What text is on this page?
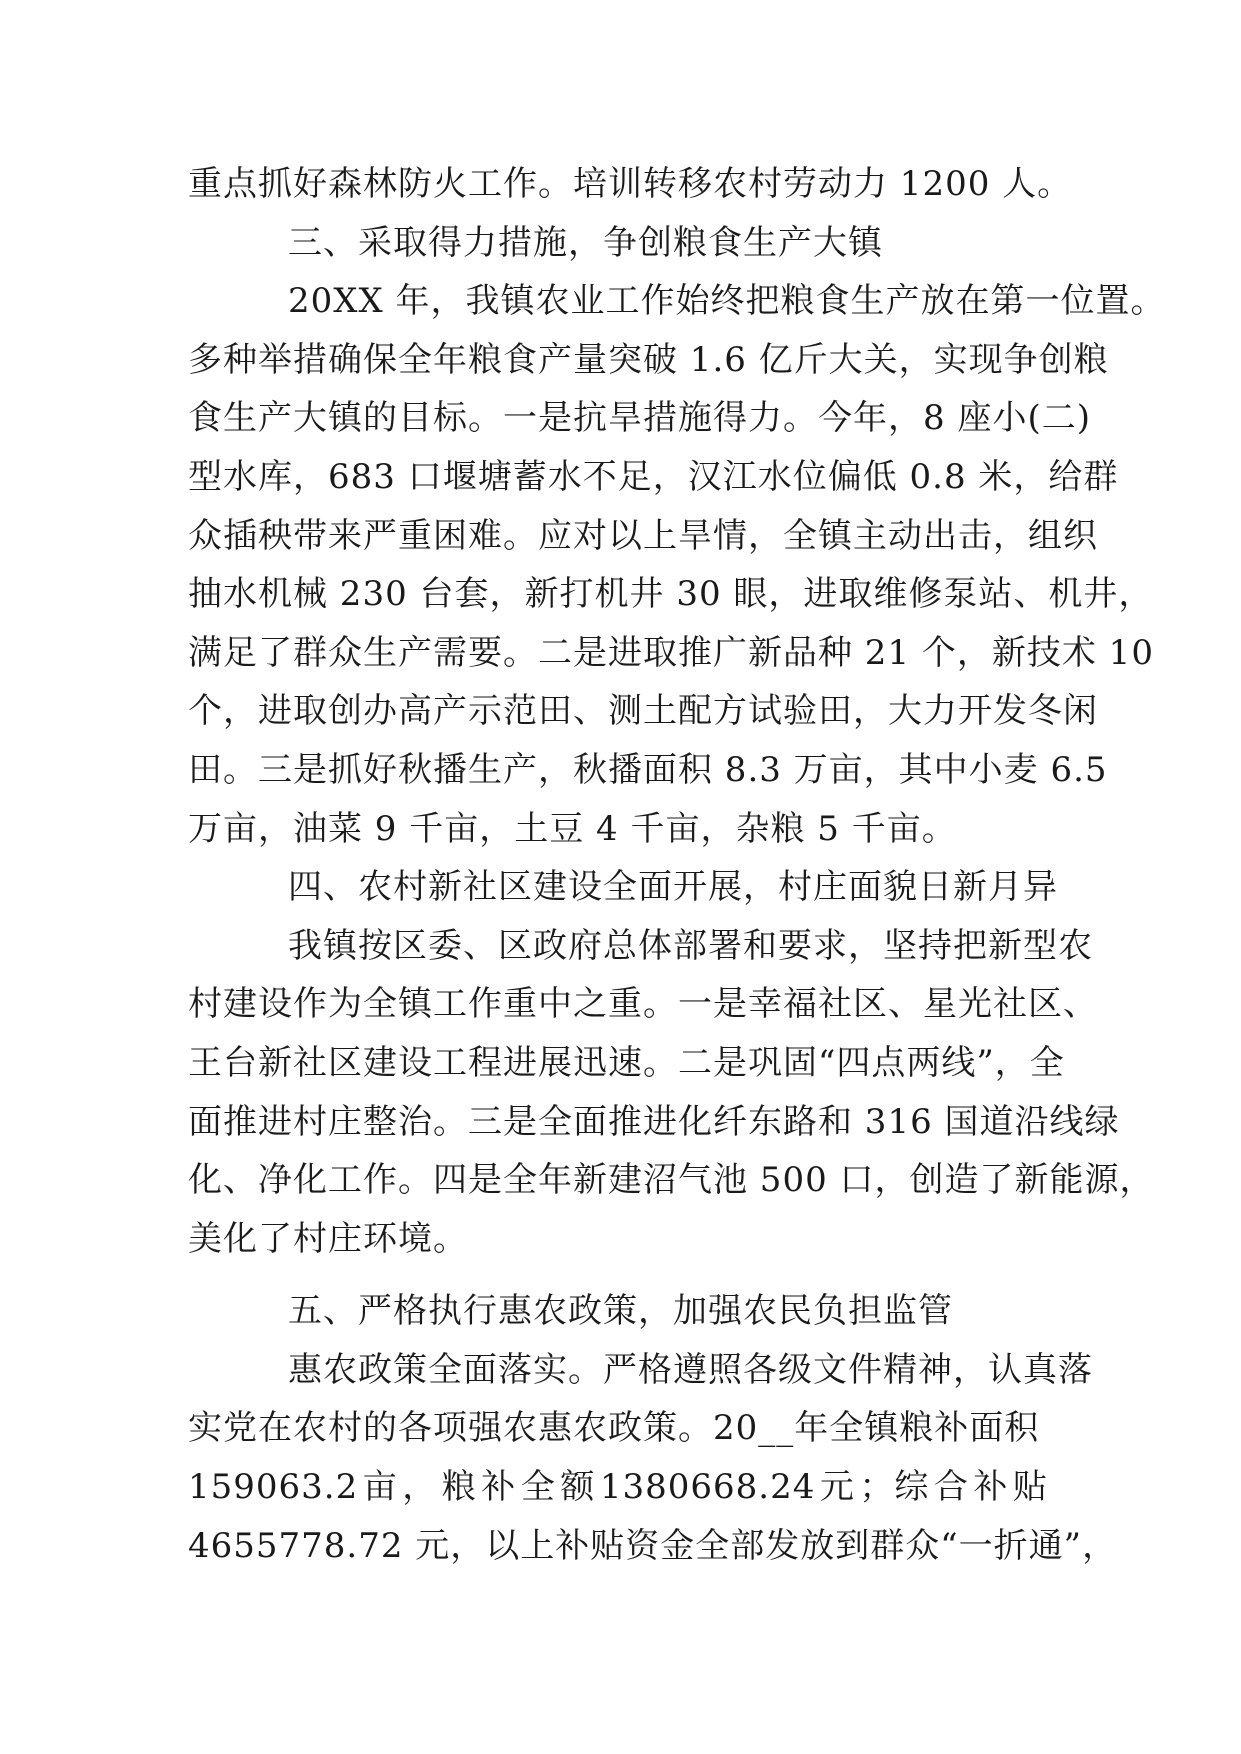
重点抓好森林防火工作。培训转移农村劳动力 1200 人。
三、采取得力措施，争创粮食生产大镇
20XX 年，我镇农业工作始终把粮食生产放在第一位置。
多种举措确保全年粮食产量突破 1.6 亿斤大关，实现争创粮
食生产大镇的目标。一是抗旱措施得力。今年，8 座小(二)
型水库，683 口堰塘蓄水不足，汉江水位偏低 0.8 米，给群
众插秧带来严重困难。应对以上旱情，全镇主动出击，组织
抽水机械 230 台套，新打机井 30 眼，进取维修泵站、机井，
满足了群众生产需要。二是进取推广新品种 21 个，新技术 10
个，进取创办高产示范田、测土配方试验田，大力开发冬闲
田。三是抓好秋播生产，秋播面积 8.3 万亩，其中小麦 6.5
万亩，油菜 9 千亩，土豆 4 千亩，杂粮 5 千亩。
四、农村新社区建设全面开展，村庄面貌日新月异
我镇按区委、区政府总体部署和要求，坚持把新型农
村建设作为全镇工作重中之重。一是幸福社区、星光社区、
王台新社区建设工程进展迅速。二是巩固“四点两线”，全
面推进村庄整治。三是全面推进化纤东路和 316 国道沿线绿
化、净化工作。四是全年新建沼气池 500 口，创造了新能源，
美化了村庄环境。
五、严格执行惠农政策，加强农民负担监管
惠农政策全面落实。严格遵照各级文件精神，认真落
实党在农村的各项强农惠农政策。20__年全镇粮补面积
159063.2 亩 ， 粮 补 全 额 1380668.24 元 ；综 合 补 贴
4655778.72 元，以上补贴资金全部发放到群众“一折通”，
